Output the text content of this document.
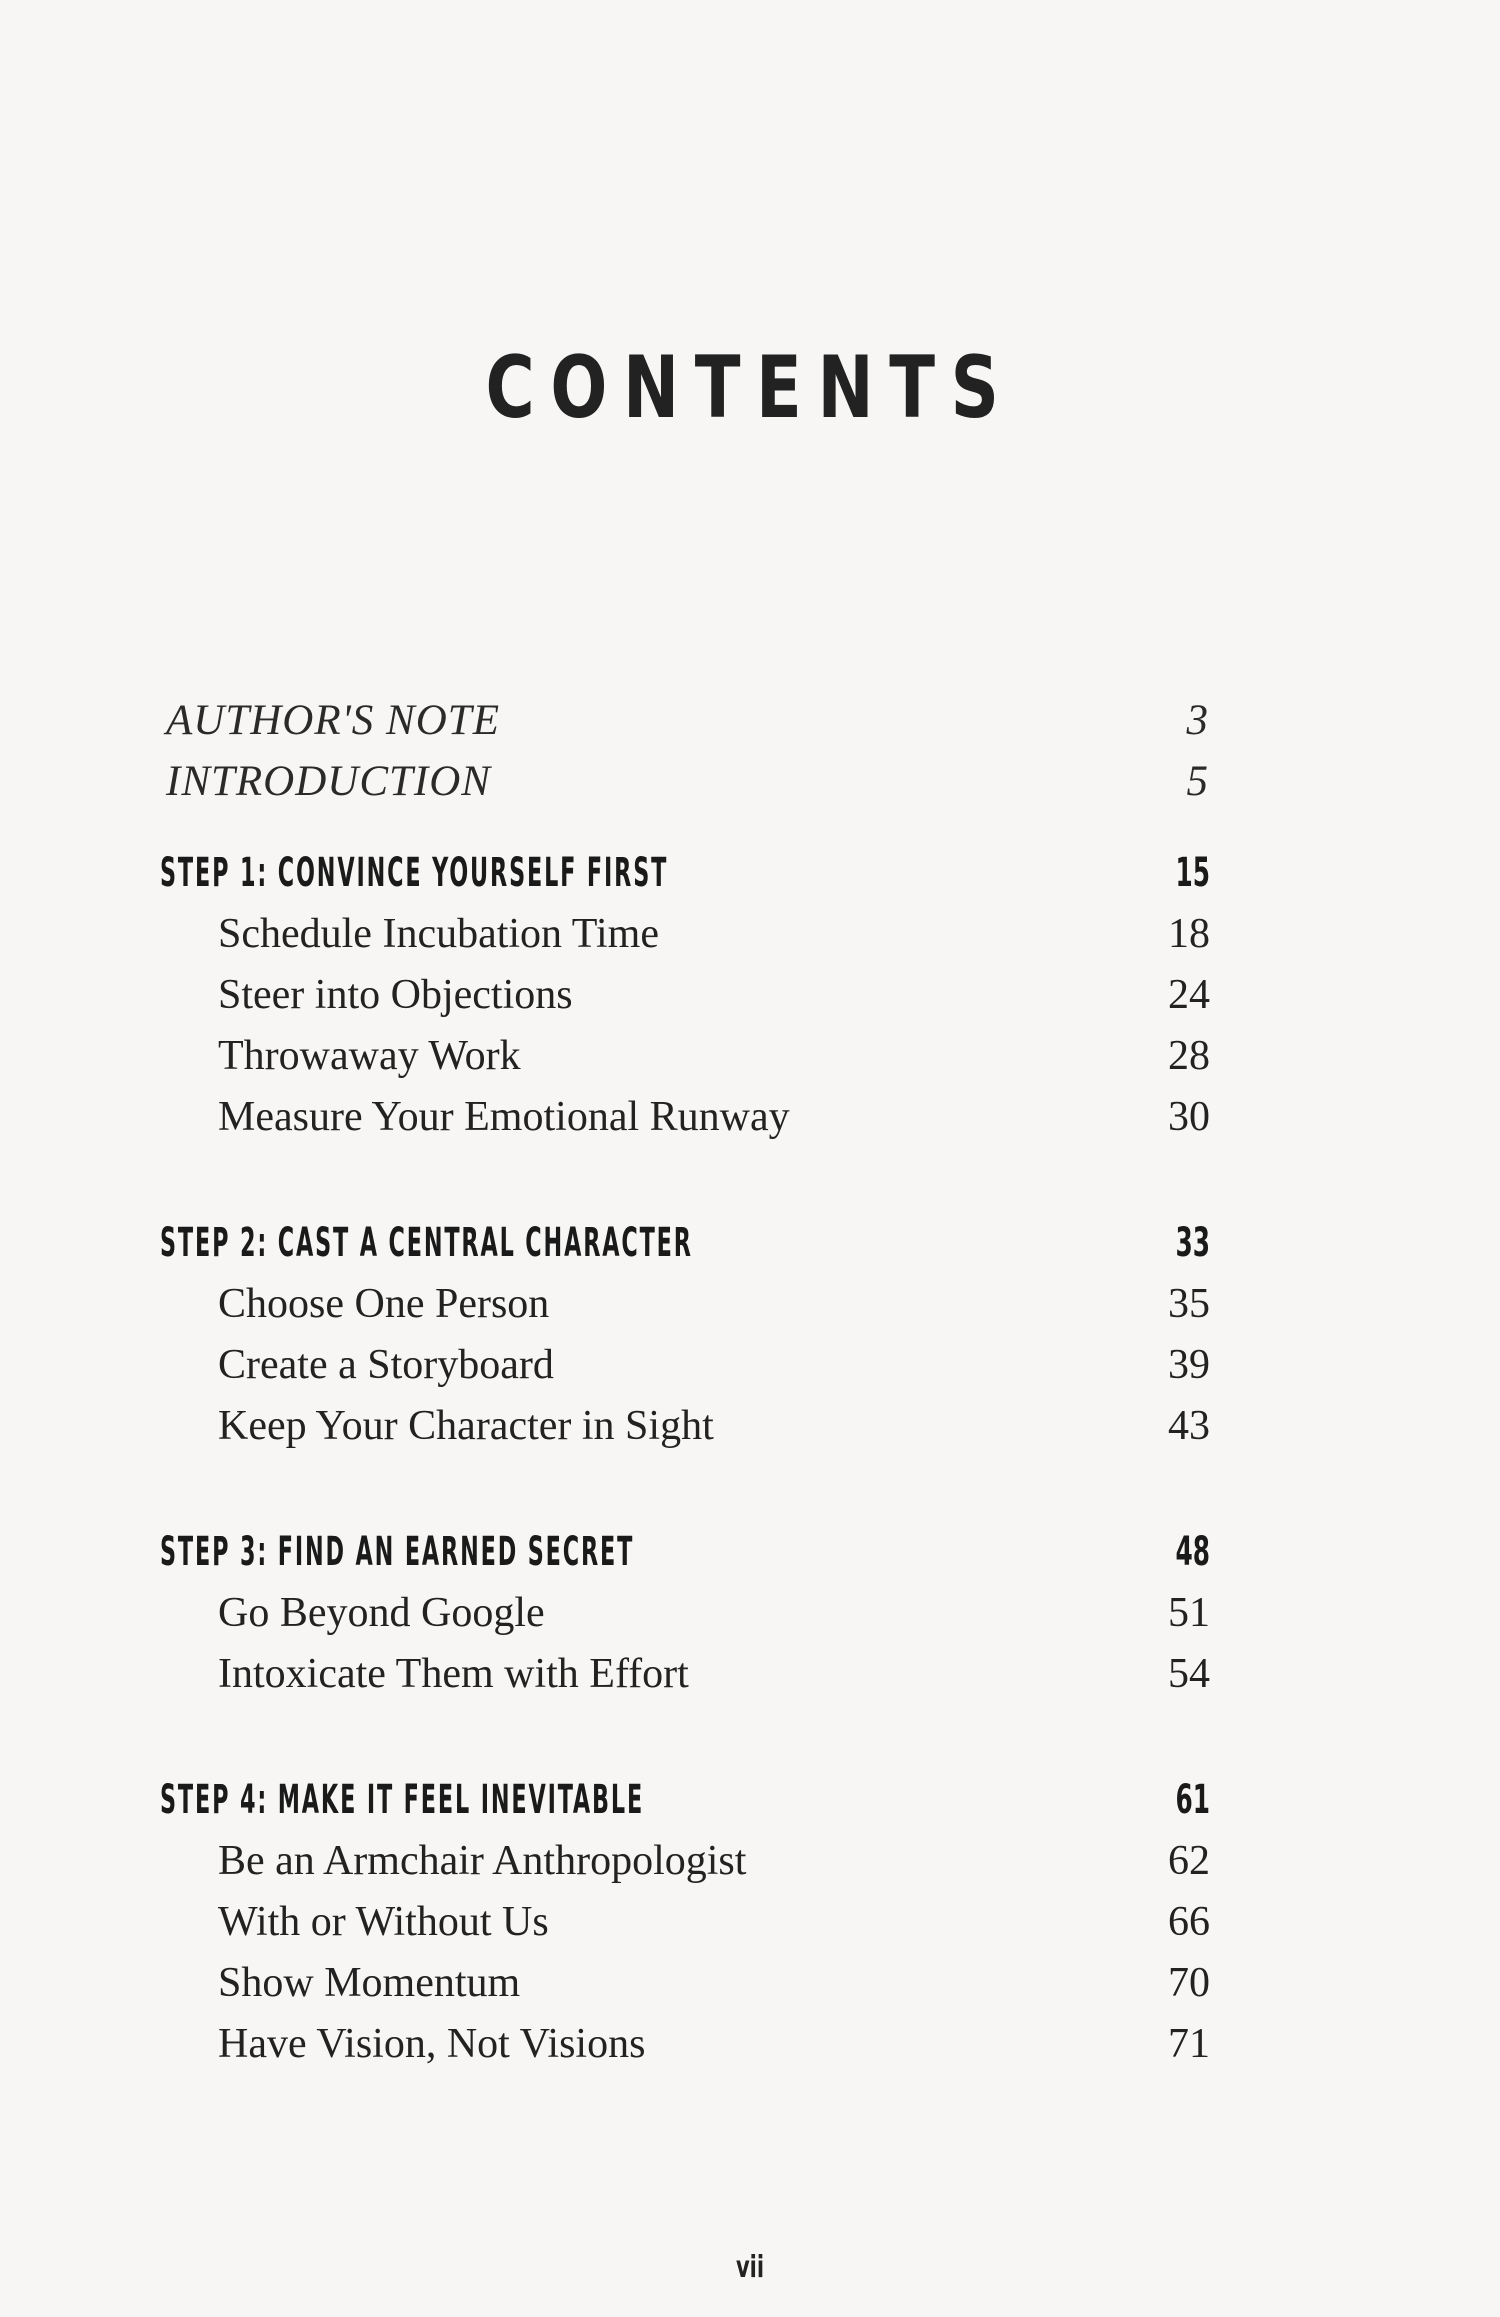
CONTENTS
AUTHOR'S NOTE	3
INTRODUCTION	5
STEP 1: CONVINCE YOURSELF FIRST	15
Schedule Incubation Time	18
Steer into Objections	24
Throwaway Work	28
Measure Your Emotional Runway	30
STEP 2: CAST A CENTRAL CHARACTER	33
Choose One Person	35
Create a Storyboard	39
Keep Your Character in Sight	43
STEP 3: FIND AN EARNED SECRET	48
Go Beyond Google	51
Intoxicate Them with Effort	54
STEP 4: MAKE IT FEEL INEVITABLE	61
Be an Armchair Anthropologist	62
With or Without Us	66
Show Momentum	70
Have Vision, Not Visions	71
vii
